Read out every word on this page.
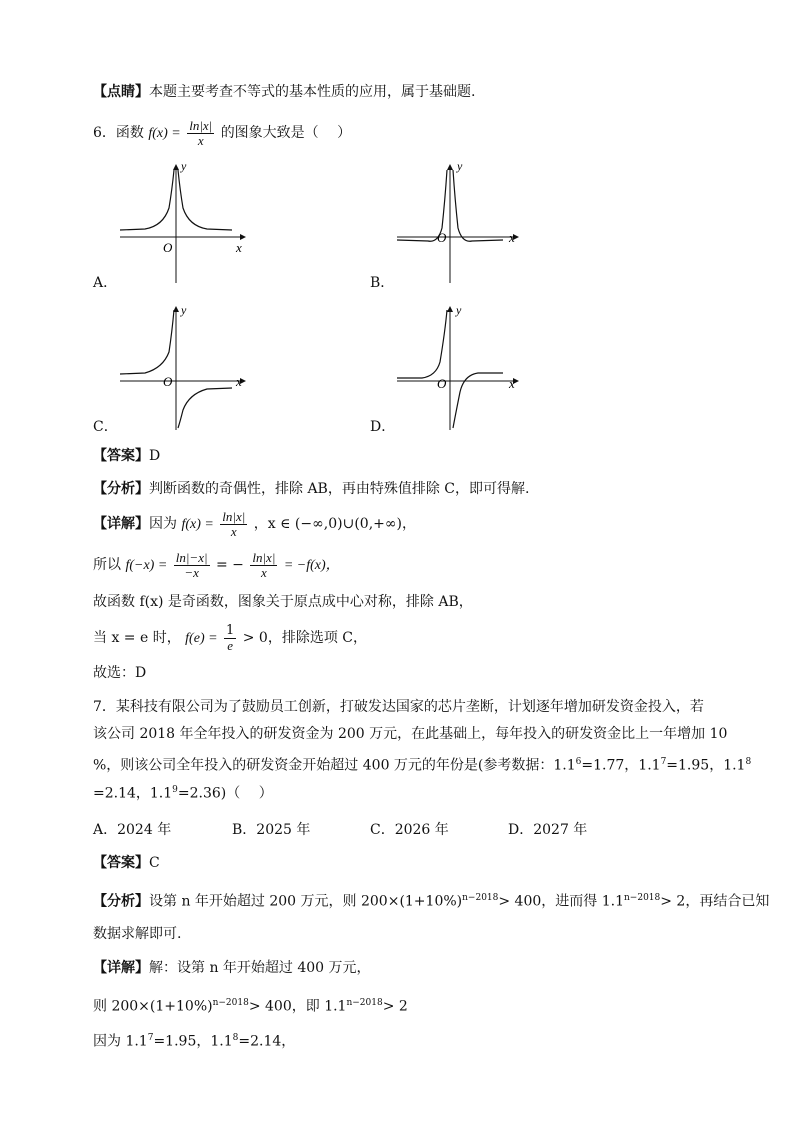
【点睛】本题主要考查不等式的基本性质的应用，属于基础题.
6．函数 $f(x) = \frac{\ln|x|}{x}$ 的图象大致是（　 ）
y
x
O
A．
y
x
O
B．
y
x
O
C．
y
x
O
D．
【答案】D
【分析】判断函数的奇偶性，排除 AB，再由特殊值排除 C，即可得解.
【详解】因为 $f(x) = \frac{\ln|x|}{x}$ ，x ∈ (−∞,0)∪(0,+∞)，
所以 $f(-x) = \frac{\ln|-x|}{-x}$ = − $\frac{\ln|x|}{x} = -f(x)$，
故函数 f(x) 是奇函数，图象关于原点成中心对称，排除 AB，
当 x = e 时， $f(e) = \frac{1}{e} > 0$，排除选项 C，
故选：D
7．某科技有限公司为了鼓励员工创新，打破发达国家的芯片垄断，计划逐年增加研发资金投入，若
该公司 2018 年全年投入的研发资金为 200 万元，在此基础上，每年投入的研发资金比上一年增加 10
%，则该公司全年投入的研发资金开始超过 400 万元的年份是(参考数据：$1.1^6=1.77$，$1.1^7=1.95$，$1.1^8$
=2.14，$1.1^9=2.36$)（　 ）
A．2024 年	B．2025 年	C．2026 年	D．2027 年
【答案】C
【分析】设第 n 年开始超过 200 万元，则 $200\times(1+10\%)^{n-2018}> 400$，进而得 $1.1^{n-2018}> 2$，再结合已知
数据求解即可.
【详解】解：设第 n 年开始超过 400 万元，
则 $200\times(1+10\%)^{n-2018}> 400$，即 $1.1^{n-2018}> 2$
因为 $1.1^7=1.95$，$1.1^8=2.14$，
